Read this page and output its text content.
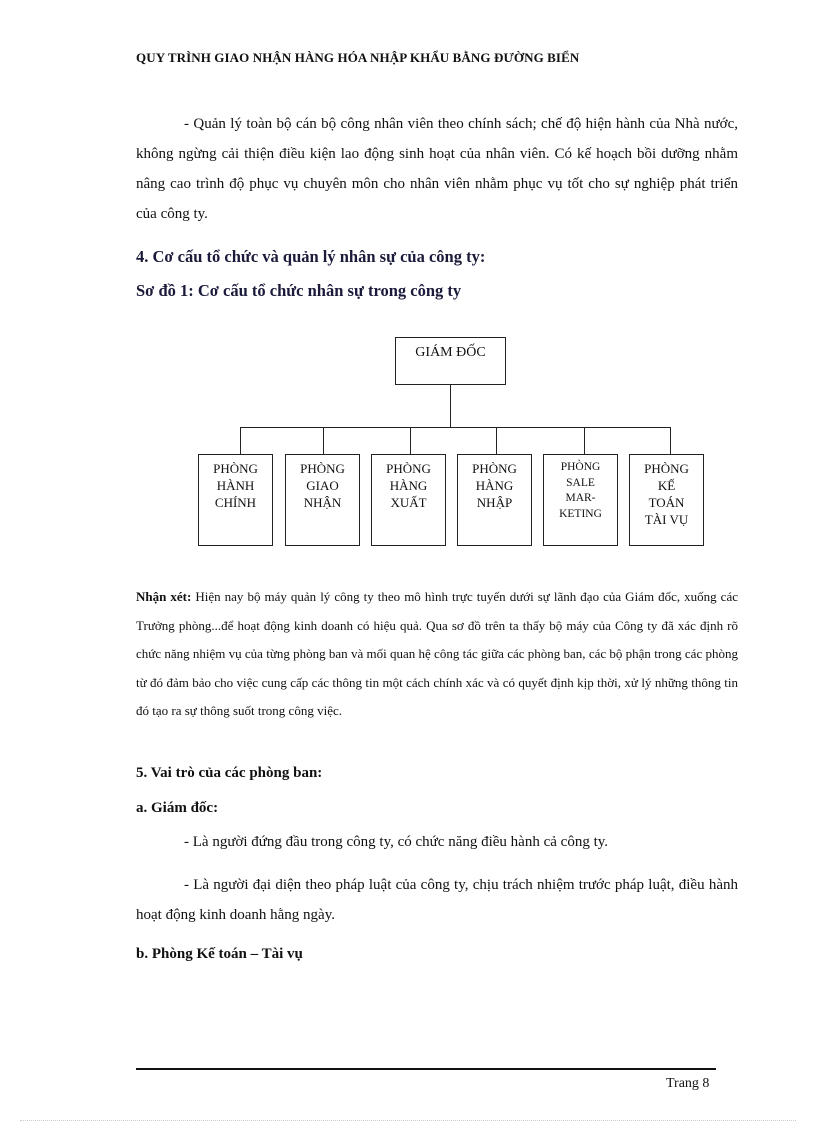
QUY TRÌNH GIAO NHẬN HÀNG HÓA NHẬP KHẨU BẰNG ĐƯỜNG BIỂN
- Quản lý toàn bộ cán bộ công nhân viên theo chính sách; chế độ hiện hành của Nhà nước, không ngừng cải thiện điều kiện lao động sinh hoạt của nhân viên. Có kế hoạch bồi dưỡng nhằm nâng cao trình độ phục vụ chuyên môn cho nhân viên nhằm phục vụ tốt cho sự nghiệp phát triển của công ty.
4. Cơ cấu tổ chức và quản lý nhân sự của công ty:
Sơ đồ 1: Cơ cấu tổ chức nhân sự trong công ty
GIÁM ĐỐC
PHÒNG
HÀNH
CHÍNH
PHÒNG
GIAO
NHẬN
PHÒNG
HÀNG
XUẤT
PHÒNG
HÀNG
NHẬP
PHÒNG
SALE
MAR-
KETING
PHÒNG
KẾ
TOÁN
TÀI VỤ
Nhận xét: Hiện nay bộ máy quản lý công ty theo mô hình trực tuyến dưới sự lãnh đạo của Giám đốc, xuống các Trưởng phòng...để hoạt động kinh doanh có hiệu quả. Qua sơ đồ trên ta thấy bộ máy của Công ty đã xác định rõ chức năng nhiệm vụ của từng phòng ban và mối quan hệ công tác giữa các phòng ban, các bộ phận trong các phòng từ đó đảm bảo cho việc cung cấp các thông tin một cách chính xác và có quyết định kịp thời, xử lý những thông tin đó tạo ra sự thông suốt trong công việc.
5. Vai trò của các phòng ban:
a. Giám đốc:
- Là người đứng đầu trong công ty, có chức năng điều hành cả công ty.
- Là người đại diện theo pháp luật của công ty, chịu trách nhiệm trước pháp luật, điều hành hoạt động kinh doanh hằng ngày.
b. Phòng Kế toán – Tài vụ
Trang 8
